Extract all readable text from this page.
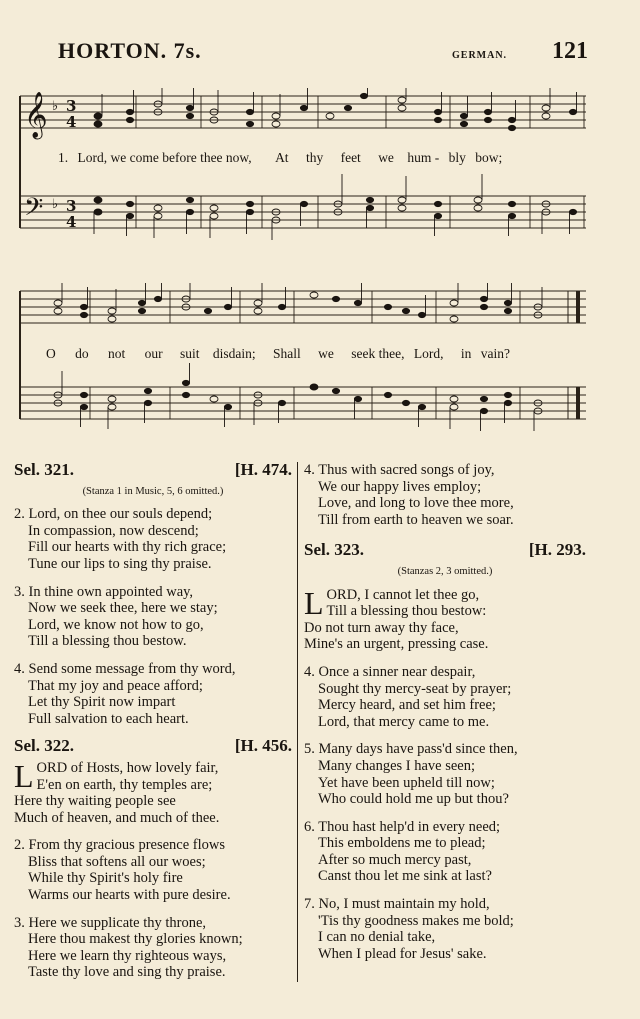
HORTON. 7s.	GERMAN. 121
𝄞
𝄢
♭
♭
3
4
3
4
1. Lord, we come before thee now, At thy feet we hum - bly bow;
O do not our suit disdain; Shall we seek thee, Lord, in vain?
Sel. 321.	[H. 474.
(Stanza 1 in Music, 5, 6 omitted.)
2. Lord, on thee our souls depend;
In compassion, now descend;
Fill our hearts with thy rich grace;
Tune our lips to sing thy praise.
3. In thine own appointed way,
Now we seek thee, here we stay;
Lord, we know not how to go,
Till a blessing thou bestow.
4. Send some message from thy word,
That my joy and peace afford;
Let thy Spirit now impart
Full salvation to each heart.
Sel. 322.	[H. 456.
L ORD of Hosts, how lovely fair,
E'en on earth, thy temples are;
Here thy waiting people see
Much of heaven, and much of thee.
2. From thy gracious presence flows
Bliss that softens all our woes;
While thy Spirit's holy fire
Warms our hearts with pure desire.
3. Here we supplicate thy throne,
Here thou makest thy glories known;
Here we learn thy righteous ways,
Taste thy love and sing thy praise.
4. Thus with sacred songs of joy,
We our happy lives employ;
Love, and long to love thee more,
Till from earth to heaven we soar.
Sel. 323.	[H. 293.
(Stanzas 2, 3 omitted.)
L ORD, I cannot let thee go,
Till a blessing thou bestow:
Do not turn away thy face,
Mine's an urgent, pressing case.
4. Once a sinner near despair,
Sought thy mercy-seat by prayer;
Mercy heard, and set him free;
Lord, that mercy came to me.
5. Many days have pass'd since then,
Many changes I have seen;
Yet have been upheld till now;
Who could hold me up but thou?
6. Thou hast help'd in every need;
This emboldens me to plead;
After so much mercy past,
Canst thou let me sink at last?
7. No, I must maintain my hold,
'Tis thy goodness makes me bold;
I can no denial take,
When I plead for Jesus' sake.
